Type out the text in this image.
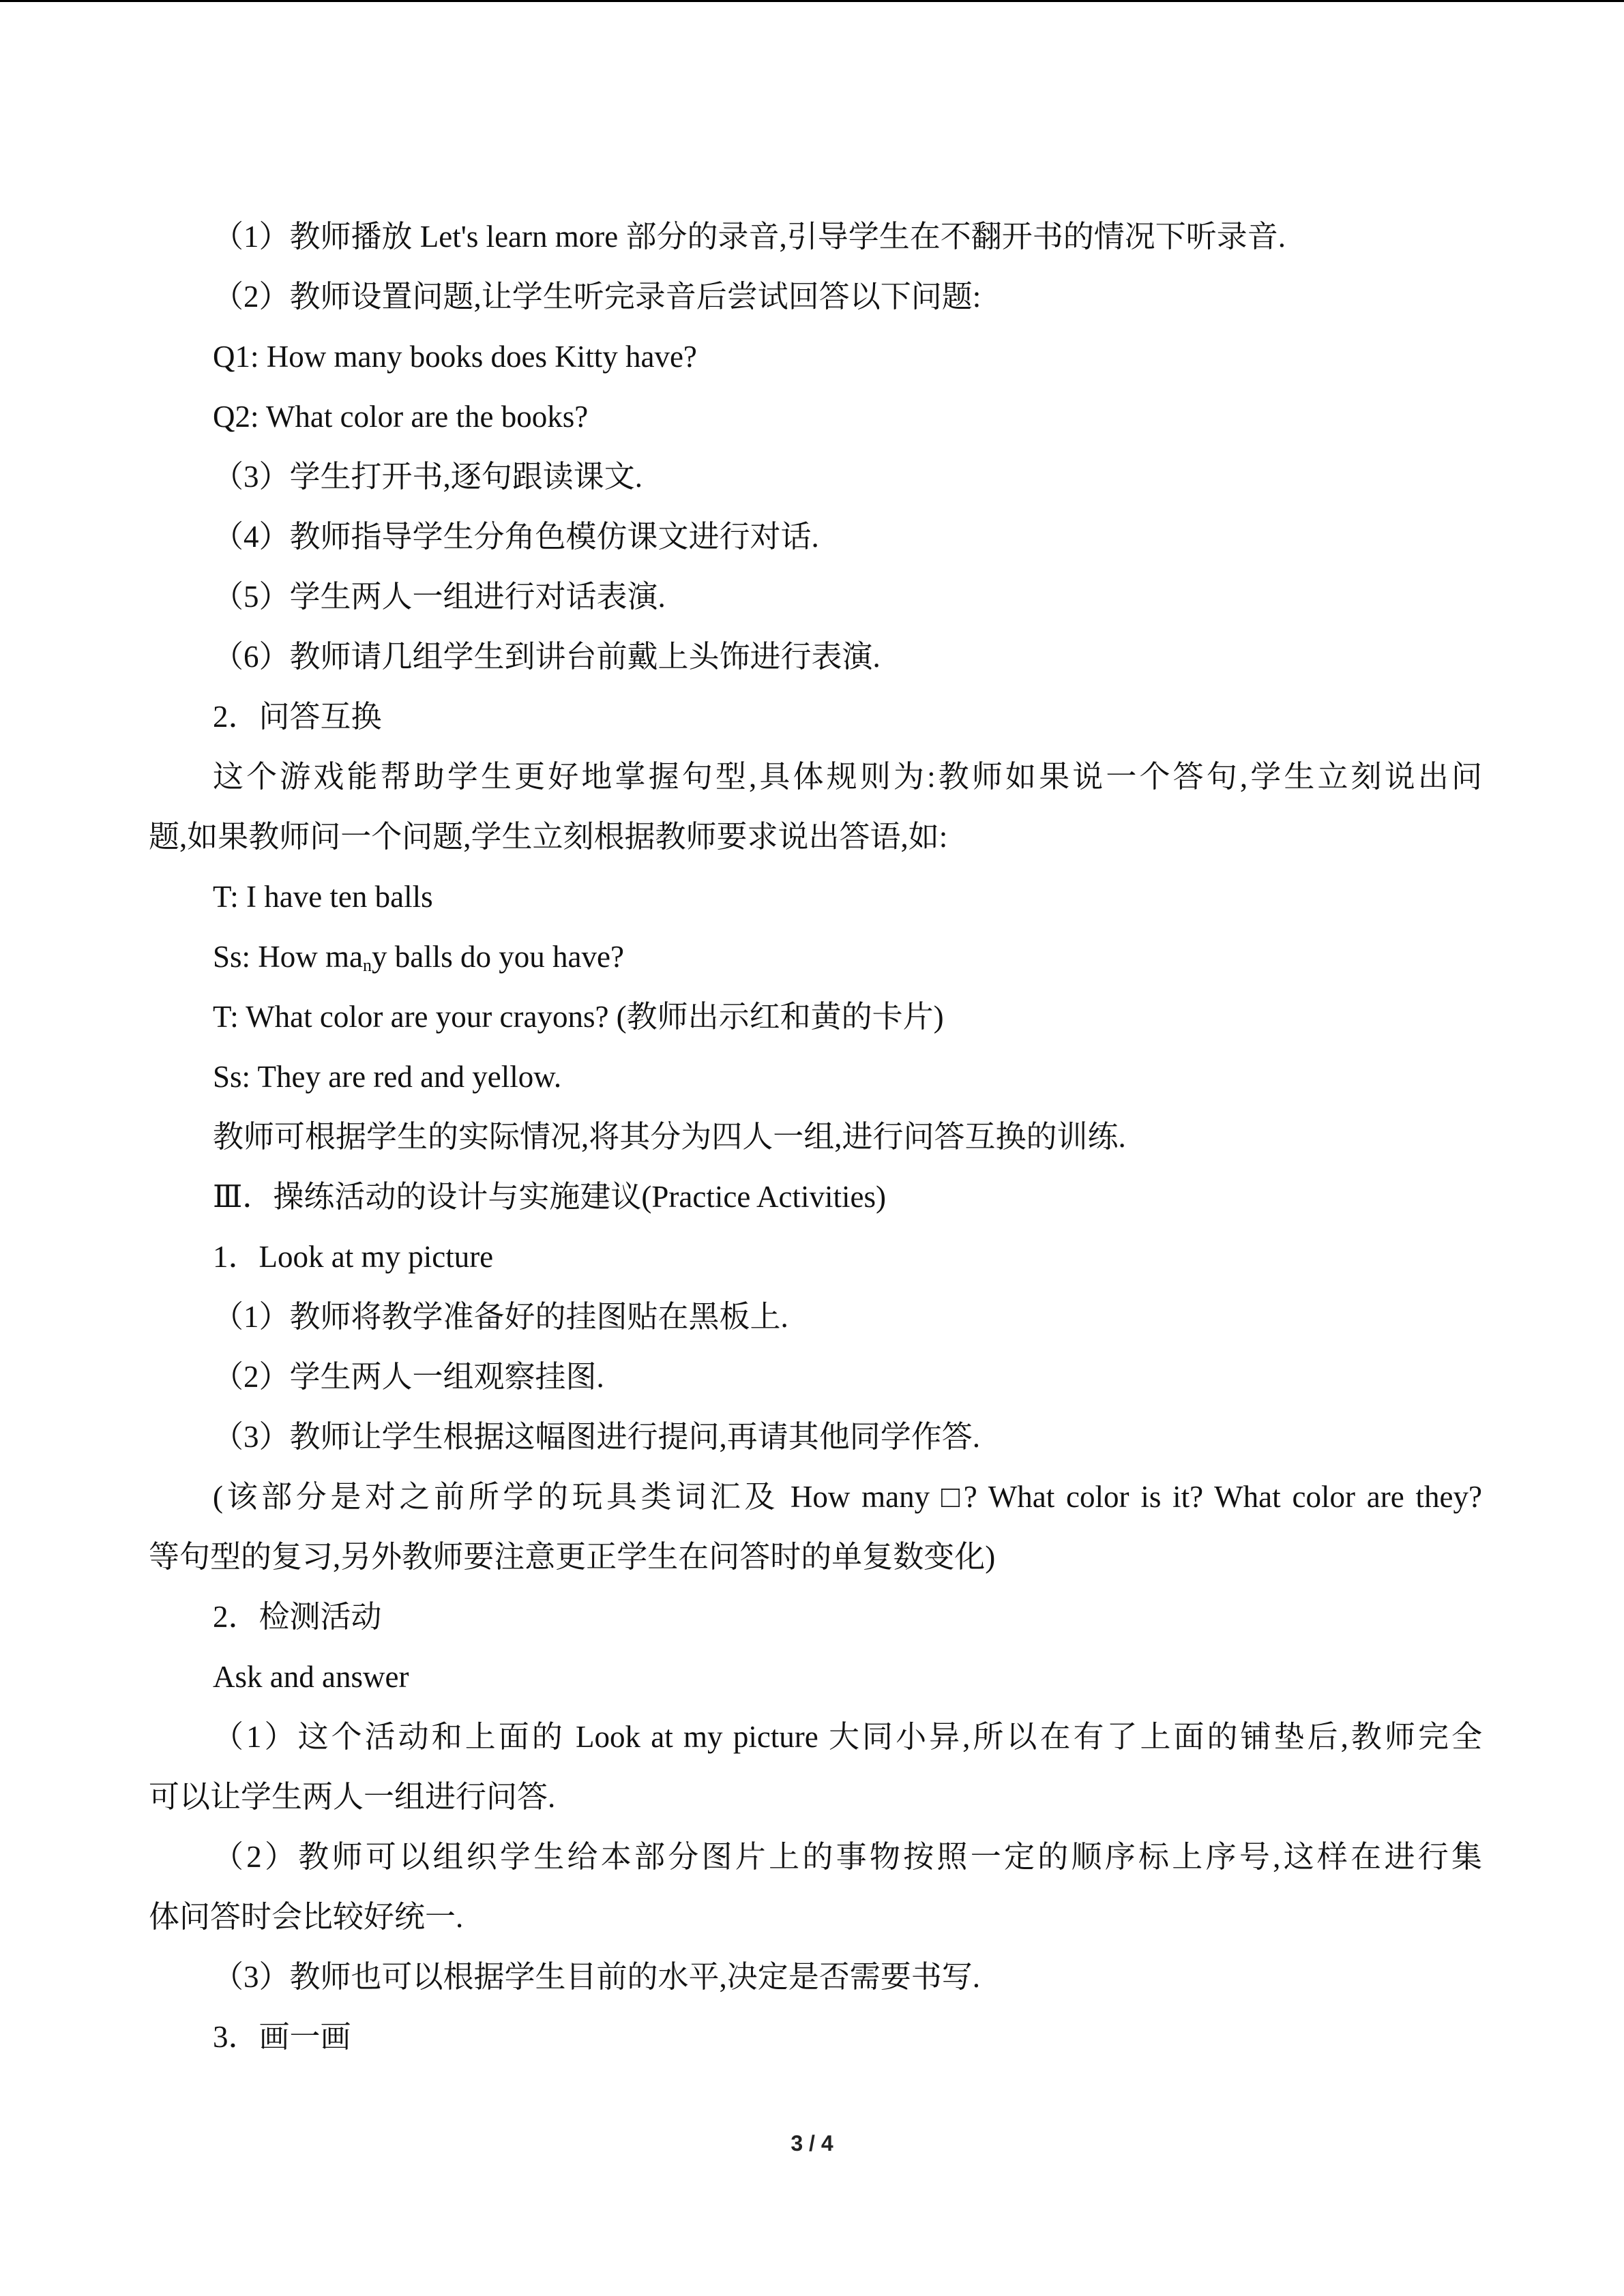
（1）教师播放 Let's learn more 部分的录音,引导学生在不翻开书的情况下听录音.
（2）教师设置问题,让学生听完录音后尝试回答以下问题:
Q1: How many books does Kitty have?
Q2: What color are the books?
（3）学生打开书,逐句跟读课文.
（4）教师指导学生分角色模仿课文进行对话.
（5）学生两人一组进行对话表演.
（6）教师请几组学生到讲台前戴上头饰进行表演.
2．问答互换
这个游戏能帮助学生更好地掌握句型,具体规则为:教师如果说一个答句,学生立刻说出问
题,如果教师问一个问题,学生立刻根据教师要求说出答语,如:
T: I have ten balls
Ss: How $ma_ny$ balls do you have?
T: What color are your crayons? (教师出示红和黄的卡片)
Ss: They are red and yellow.
教师可根据学生的实际情况,将其分为四人一组,进行问答互换的训练.
Ⅲ．操练活动的设计与实施建议(Practice Activities)
1．Look at my picture
（1）教师将教学准备好的挂图贴在黑板上.
（2）学生两人一组观察挂图.
（3）教师让学生根据这幅图进行提问,再请其他同学作答.
(该部分是对之前所学的玩具类词汇及 How many □? What color is it? What color are they?
等句型的复习,另外教师要注意更正学生在问答时的单复数变化)
2．检测活动
Ask and answer
（1）这个活动和上面的 Look at my picture 大同小异,所以在有了上面的铺垫后,教师完全
可以让学生两人一组进行问答.
（2）教师可以组织学生给本部分图片上的事物按照一定的顺序标上序号,这样在进行集
体问答时会比较好统一.
（3）教师也可以根据学生目前的水平,决定是否需要书写.
3．画一画
3 / 4
